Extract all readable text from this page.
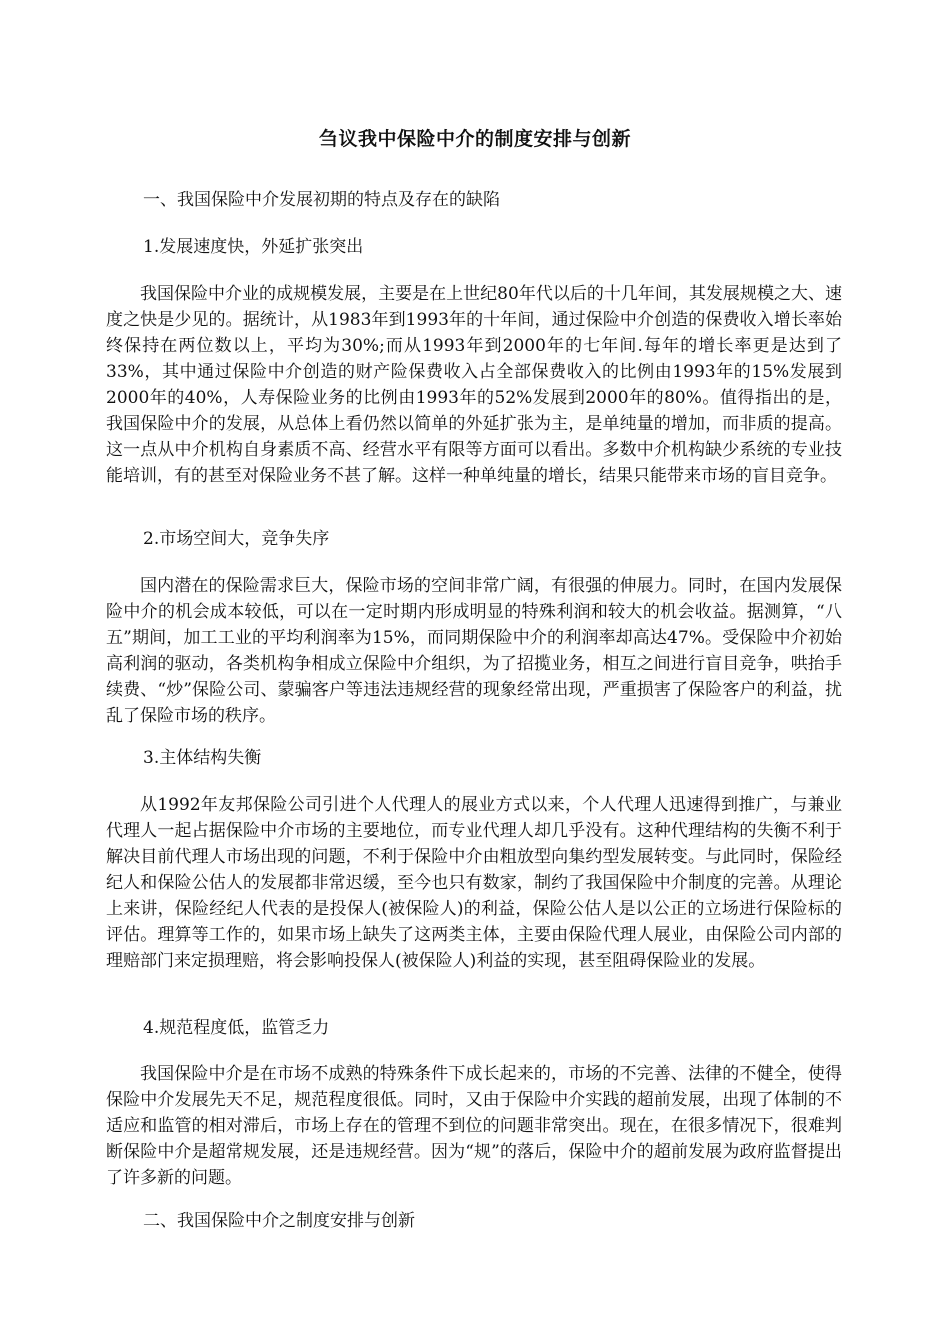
刍议我中保险中介的制度安排与创新
一、我国保险中介发展初期的特点及存在的缺陷
1.发展速度快，外延扩张突出

我国保险中介业的成规模发展，主要是在上世纪80年代以后的十几年间，其发展规模之大、速度之快是少见的。据统计，从1983年到1993年的十年间，通过保险中介创造的保费收入增长率始终保持在两位数以上，平均为30%;而从1993年到2000年的七年间.每年的增长率更是达到了33%，其中通过保险中介创造的财产险保费收入占全部保费收入的比例由1993年的15%发展到2000年的40%，人寿保险业务的比例由1993年的52%发展到2000年的80%。值得指出的是，我国保险中介的发展，从总体上看仍然以简单的外延扩张为主，是单纯量的增加，而非质的提高。这一点从中介机构自身素质不高、经营水平有限等方面可以看出。多数中介机构缺少系统的专业技能培训，有的甚至对保险业务不甚了解。这样一种单纯量的增长，结果只能带来市场的盲目竞争。

2.市场空间大，竞争失序

国内潜在的保险需求巨大，保险市场的空间非常广阔，有很强的伸展力。同时，在国内发展保险中介的机会成本较低，可以在一定时期内形成明显的特殊利润和较大的机会收益。据测算，“八五”期间，加工工业的平均利润率为15%，而同期保险中介的利润率却高达47%。受保险中介初始高利润的驱动，各类机构争相成立保险中介组织，为了招揽业务，相互之间进行盲目竞争，哄抬手续费、“炒”保险公司、蒙骗客户等违法违规经营的现象经常出现，严重损害了保险客户的利益，扰乱了保险市场的秩序。

3.主体结构失衡

从1992年友邦保险公司引进个人代理人的展业方式以来，个人代理人迅速得到推广，与兼业代理人一起占据保险中介市场的主要地位，而专业代理人却几乎没有。这种代理结构的失衡不利于解决目前代理人市场出现的问题，不利于保险中介由粗放型向集约型发展转变。与此同时，保险经纪人和保险公估人的发展都非常迟缓，至今也只有数家，制约了我国保险中介制度的完善。从理论上来讲，保险经纪人代表的是投保人(被保险人)的利益，保险公估人是以公正的立场进行保险标的评估。理算等工作的，如果市场上缺失了这两类主体，主要由保险代理人展业，由保险公司内部的理赔部门来定损理赔，将会影响投保人(被保险人)利益的实现，甚至阻碍保险业的发展。

4.规范程度低，监管乏力

我国保险中介是在市场不成熟的特殊条件下成长起来的，市场的不完善、法律的不健全，使得保险中介发展先天不足，规范程度很低。同时，又由于保险中介实践的超前发展，出现了体制的不适应和监管的相对滞后，市场上存在的管理不到位的问题非常突出。现在，在很多情况下，很难判断保险中介是超常规发展，还是违规经营。因为“规”的落后，保险中介的超前发展为政府监督提出了许多新的问题。

二、我国保险中介之制度安排与创新
